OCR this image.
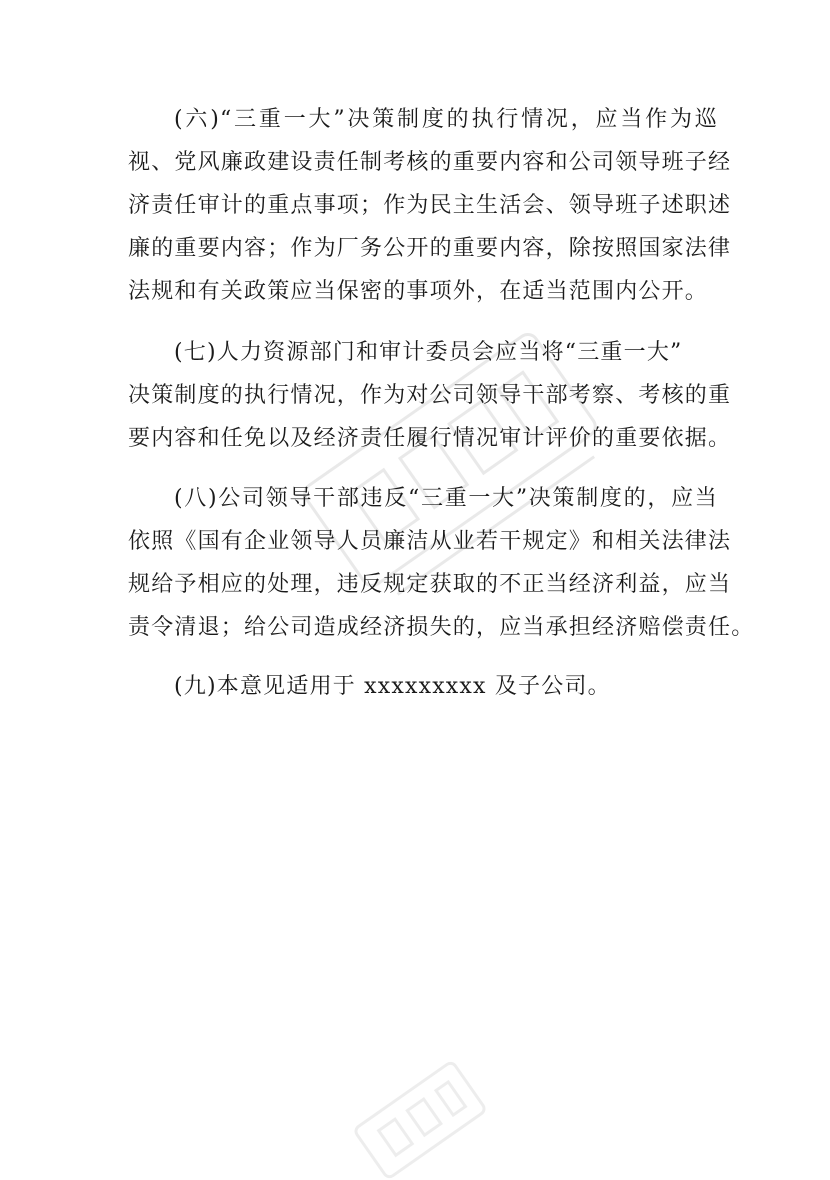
(六)“三重一大”决策制度的执行情况，应当作为巡
视、党风廉政建设责任制考核的重要内容和公司领导班子经
济责任审计的重点事项；作为民主生活会、领导班子述职述
廉的重要内容；作为厂务公开的重要内容，除按照国家法律
法规和有关政策应当保密的事项外，在适当范围内公开。
(七)人力资源部门和审计委员会应当将“三重一大”
决策制度的执行情况，作为对公司领导干部考察、考核的重
要内容和任免以及经济责任履行情况审计评价的重要依据。
(八)公司领导干部违反“三重一大”决策制度的，应当
依照《国有企业领导人员廉洁从业若干规定》和相关法律法
规给予相应的处理，违反规定获取的不正当经济利益，应当
责令清退；给公司造成经济损失的，应当承担经济赔偿责任。
(九)本意见适用于 xxxxxxxxx 及子公司。
